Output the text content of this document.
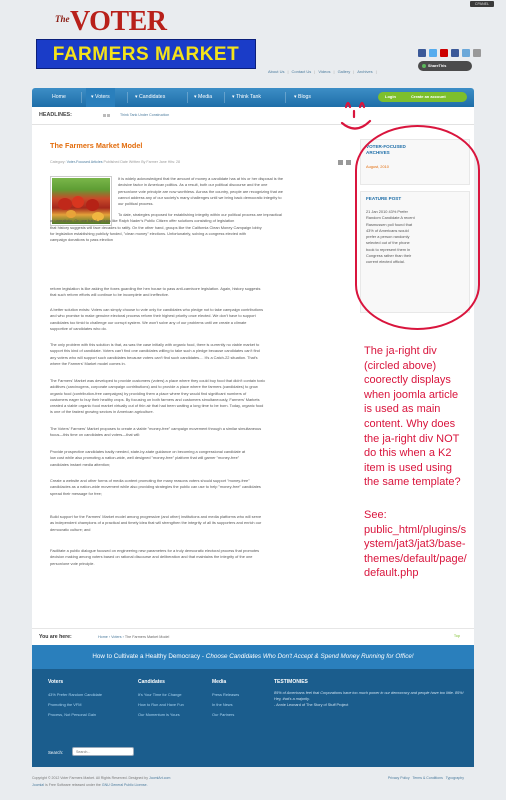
CPANEL
The VOTER
FARMERS MARKET
About Us | Contact Us | Videos | Gallery | Archives |
ShareThis
Home	▾ Voters	▾ Candidates	▾ Media	▾ Think Tank	▾ Blogs	Login	Create an account
HEADLINES:	Think Tank Under Construction
The Farmers Market Model
Category: Voter-Focused Articles Published Date Written By Farmer Jane Hits: 28
It is widely acknowledged that the amount of money a candidate has at his or her disposal is the
decisive factor in American politics. As a result, both our political discourse and the one
person/one vote principle are now worthless. Across the country, people are recognizing that we
cannot address any of our society's many challenges until we bring back democratic integrity to
our political process.
To date, strategies proposed for establishing integrity within our political process are impractical
or unrealistic. On one hand, groups like Ralph Nader's Public Citizen offer solutions consisting of legislation
that history suggests will face decades to ratify. On the other hand, groups like the California Clean Money Campaign lobby
for legislation establishing publicly funded, "clean money" elections. Unfortunately, solving a congress elected with
campaign donations to pass election
reform legislation is like asking the foxes guarding the hen house to pass anti-carnivore legislation. Again, history suggests
that such reform efforts will continue to be incomplete and ineffective.
A better solution exists: Voters can simply choose to vote only for candidates who pledge not to take campaign contributions
and who promise to make genuine electoral process reform their highest priority once elected. We don't have to support
candidates too timid to challenge our corrupt system. We won't solve any of our problems until we create a climate
supportive of candidates who do.
The only problem with this solution is that, as was the case initially with organic food, there is currently no viable market to
support this kind of candidate. Voters can't find one candidates willing to take such a pledge because candidates can't find
any voters who will support such candidates because voters can't find such candidates.... It's a Catch-22 situation. That's
where the Farmers' Market model comes in.
The Farmers' Market was developed to provide customers (voters) a place where they could buy food that didn't contain toxic
additives (carcinogens, corporate campaign contributions) and to provide a place where the farmers (candidates) to grow
organic food (contribution-free campaigns) by providing them a place where they would find significant numbers of
customers eager to buy their healthy crops. By focusing on both farmers and customers simultaneously, Farmers' Markets
created a viable organic food market virtually out of thin air that had been waiting a long time to be born. Today, organic food
is one of the fastest growing sectors in American agriculture.
The Voters' Farmers' Market proposes to create a viable "money-free" campaign movement through a similar simultaneous
focus—this time on candidates and voters—that will:
Provide prospective candidates badly needed, state-by-state guidance on becoming a congressional candidate at
low cost while also promoting a nation-wide, well designed "money-free" platform that will garner "money-free"
candidates instant media attention;
Create a website and other forms of media content promoting the many reasons voters should support "money-free"
candidacies as a nation-wide movement while also providing strategies the public can use to help "money-free" candidates
spread their message for free;
Build support for the Farmers' Market model among progressive (and other) institutions and media platforms who will serve
as independent champions of a practical and timely idea that will strengthen the integrity of all its supporters and enrich our
democratic culture; and
Facilitate a public dialogue focused on engineering new parameters for a truly democratic electoral process that promotes
decision making among voters based on rational discourse and deliberation and that maintains the integrity of the one
person/one vote principle.
VOTER-FOCUSED
ARCHIVES
August, 2010
FEATURE POST
21 Jan 2010 43% Prefer
Random Candidate A recent
Rasmussen poll found that
43% of Americans would
prefer a person randomly
selected out of the phone
book to represent them in
Congress rather than their
current elected official.
The ja-right div
(circled above)
coorectly displays
when joomla article
is used as main
content. Why does
the ja-right div NOT
do this when a K2
item is used using
the same template?
See:
public_html/plugins/s
ystem/jat3/jat3/base-
themes/default/page/
default.php
You are here:	Home › Voters › The Farmers Market Model	Top
How to Cultivate a Healthy Democracy - Choose Candidates Who Don't Accept & Spend Money Running for Office!
Voters
43% Prefer Random Candidate
Promoting the VFM
Process, Not Personal Gain
Candidates
It's Your Time for Change
How to Run and Have Fun
Our Momentum is Yours
Media
Press Releases
In the News
Our Partners
TESTIMONIES
85% of Americans feel that Corporations have too much power in our democracy and people have too little. 85%! Hey, that's a majority.
- Annie Leonard of The Story of Stuff Project
Search:
Search...
Copyright © 2012 Voter Farmers Market. All Rights Reserved. Designed by JoomlArt.com
Joomla! is Free Software released under the GNU General Public License.
Privacy Policy Terms & Conditions Typography
